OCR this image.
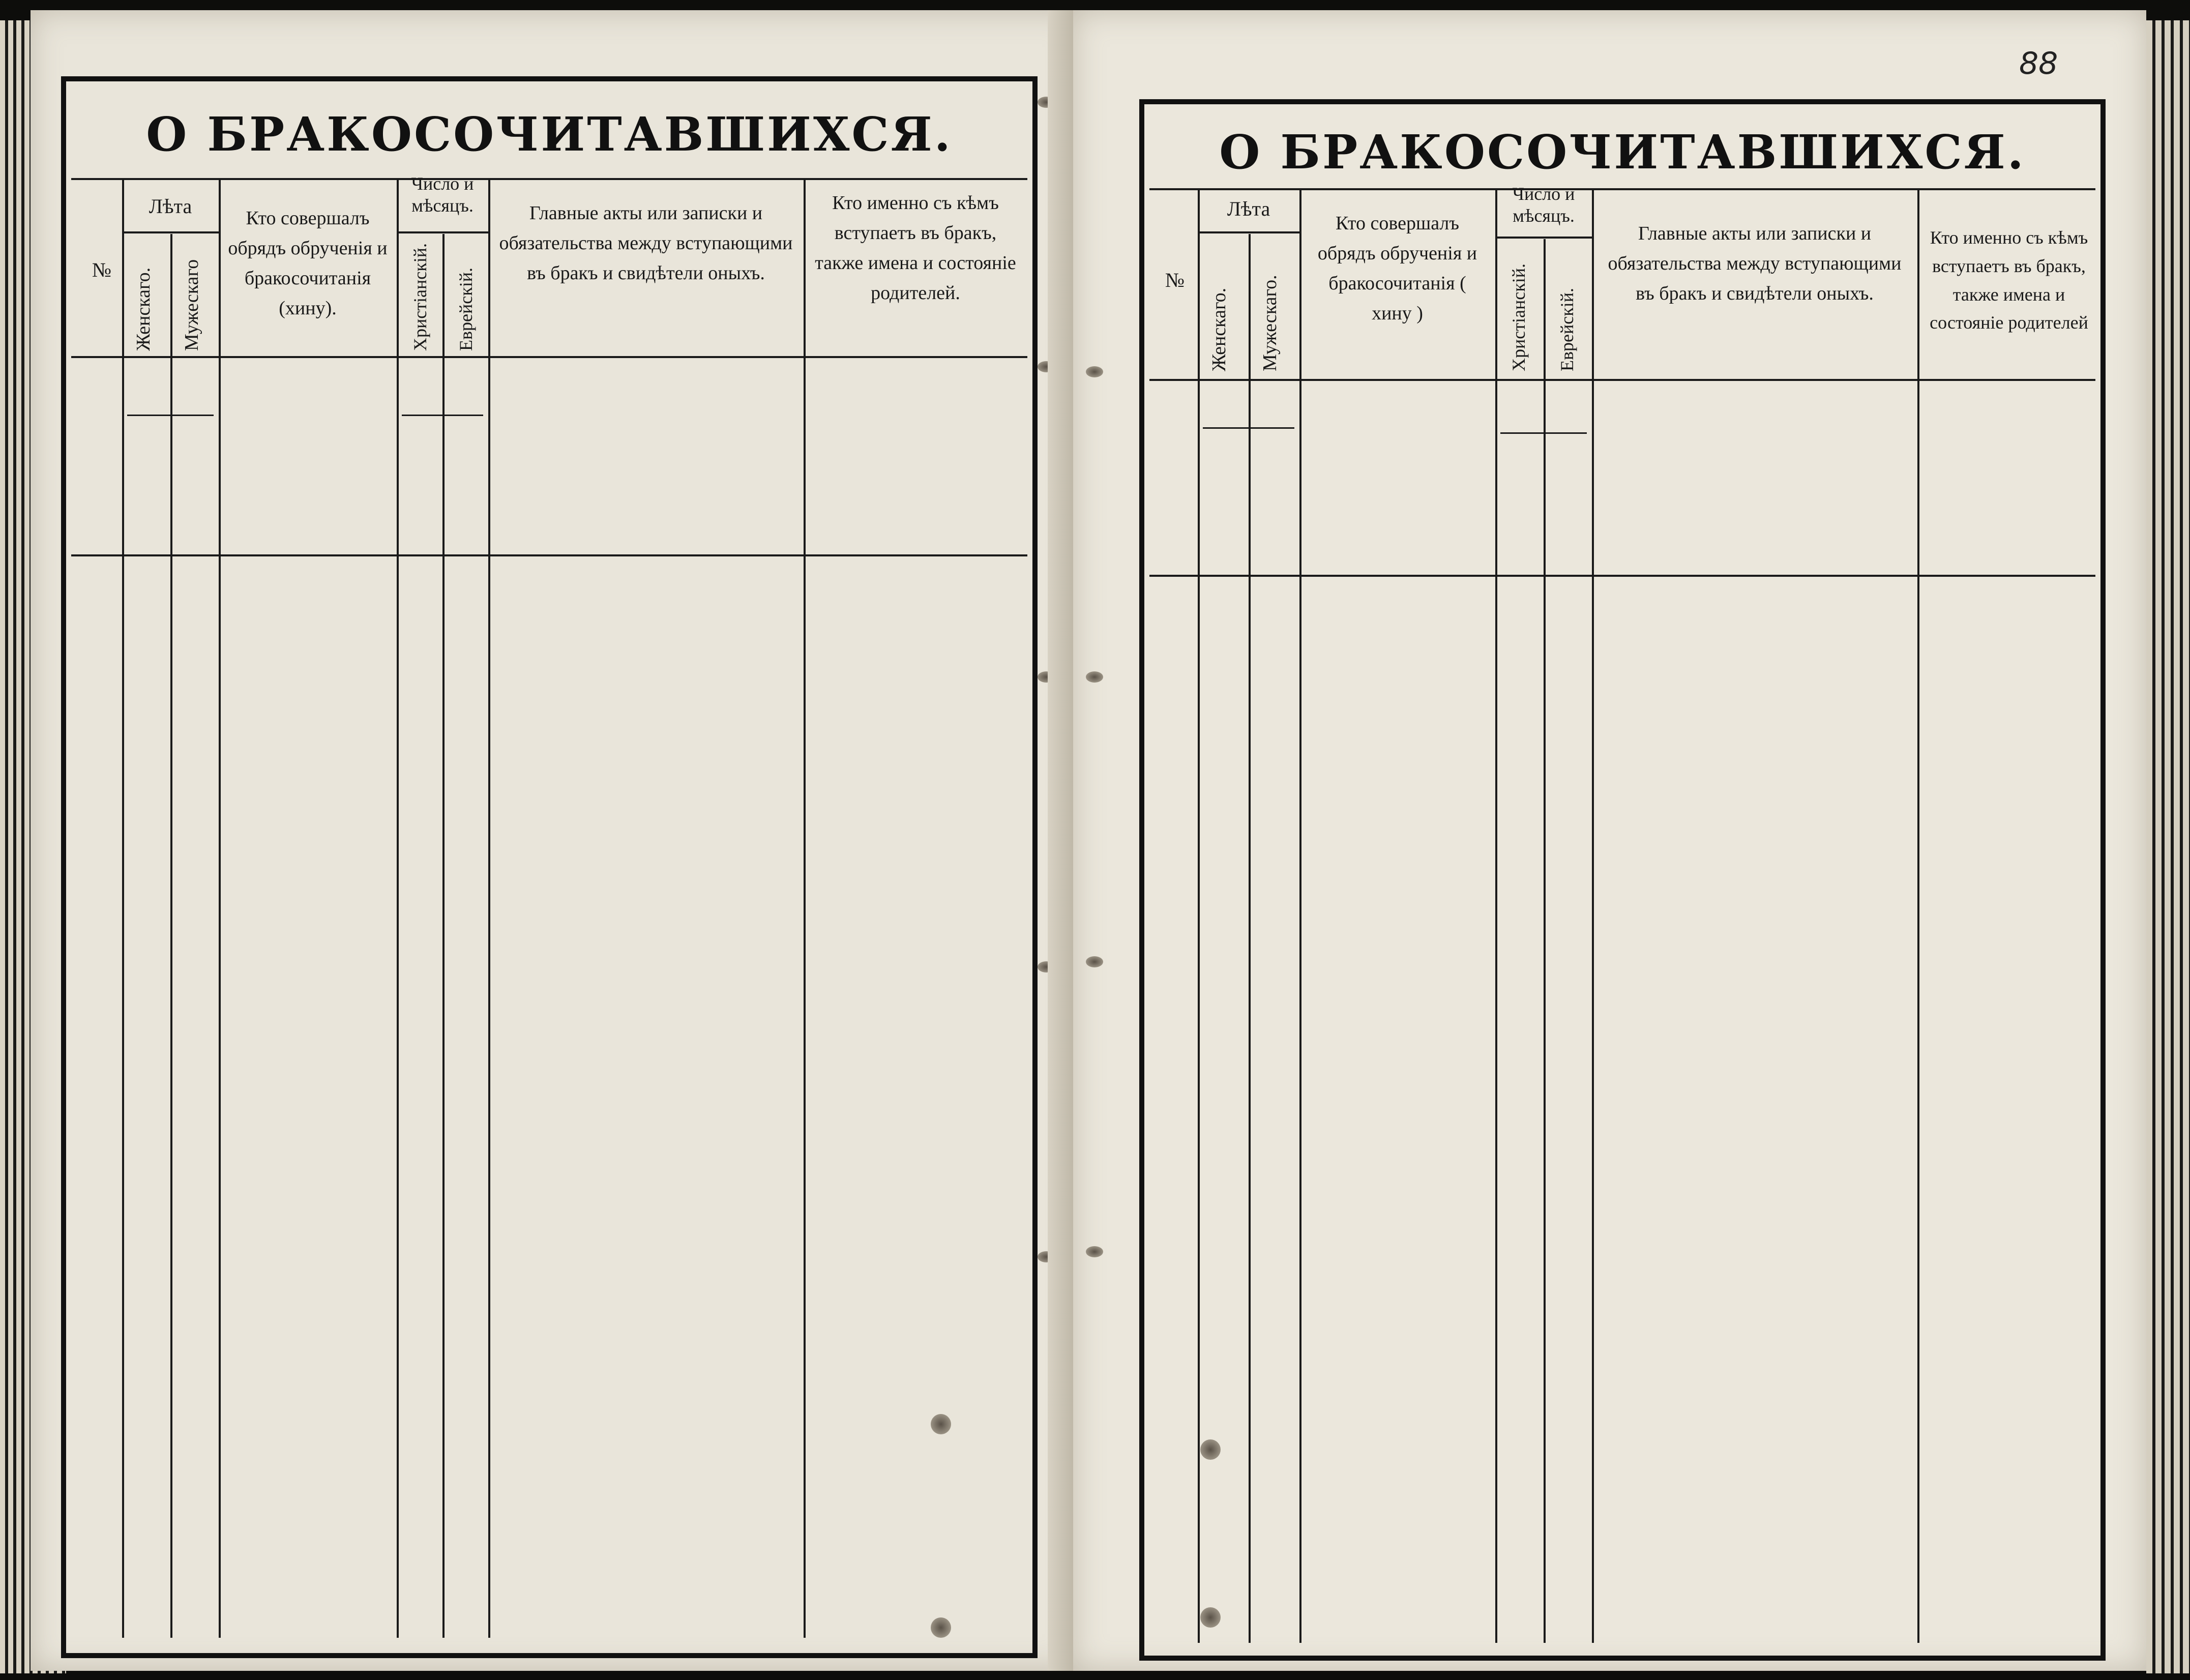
О БРАКОСОЧИТАВШИХСЯ.
№
Лѣта
Женскаго. Мужескаго
Кто совершалъ обрядъ обрученія и бракосочитанія (хину).
Число и мѣсяцъ.
Христіанскій. Еврейскій.
Главные акты или записки и обязательства между вступающими въ бракъ и свидѣтели оныхъ.
Кто именно съ кѣмъ вступаетъ въ бракъ, также имена и состояніе родителей.
О БРАКОСОЧИТАВШИХСЯ.
88
№
Лѣта
Женскаго. Мужескаго.
Кто совершалъ обрядъ обрученія и бракосочитанія ( хину )
Число и мѣсяцъ.
Христіанскій. Еврейскій.
Главные акты или записки и обязательства между вступающими въ бракъ и свидѣтели оныхъ.
Кто именно съ кѣмъ вступаетъ въ бракъ, также имена и состояніе родителей
